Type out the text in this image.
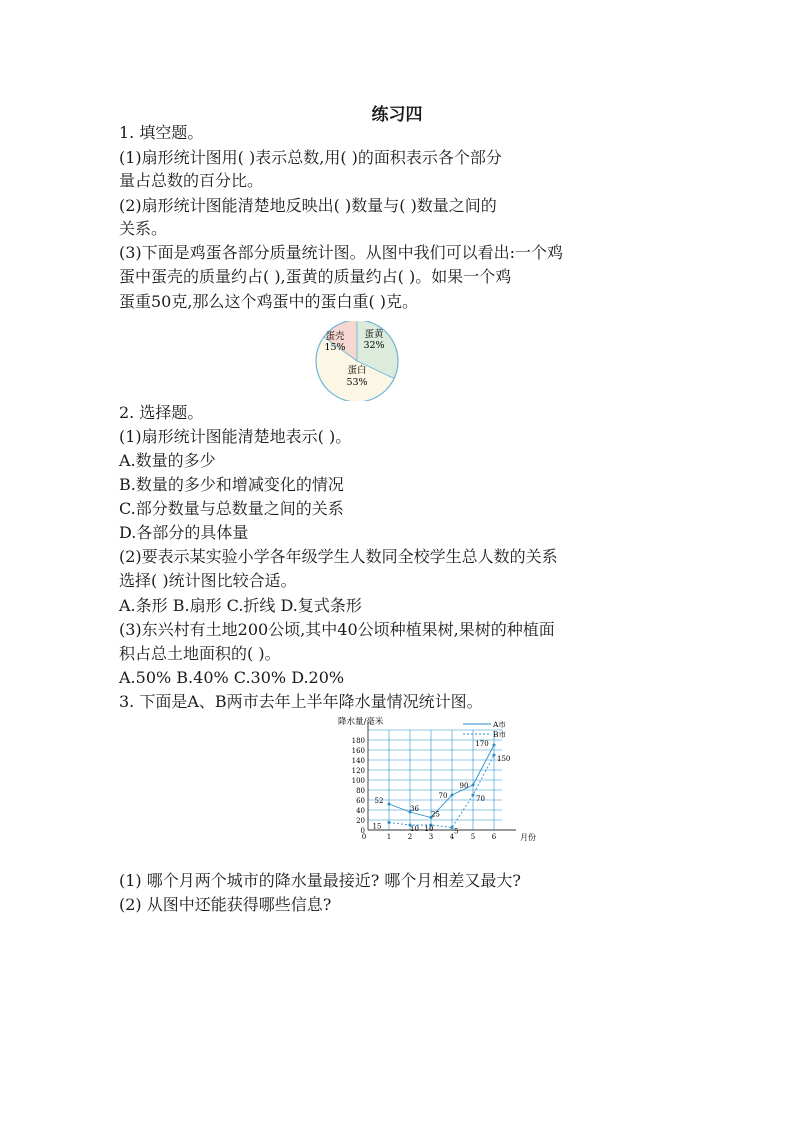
练习四
1. 填空题。
(1)扇形统计图用( )表示总数,用( )的面积表示各个部分
量占总数的百分比。
(2)扇形统计图能清楚地反映出( )数量与( )数量之间的
关系。
(3)下面是鸡蛋各部分质量统计图。从图中我们可以看出:一个鸡
蛋中蛋壳的质量约占( ),蛋黄的质量约占( )。如果一个鸡
蛋重50克,那么这个鸡蛋中的蛋白重( )克。
蛋壳
15%
蛋黄
32%
蛋白
53%
2. 选择题。
(1)扇形统计图能清楚地表示( )。
A.数量的多少
B.数量的多少和增减变化的情况
C.部分数量与总数量之间的关系
D.各部分的具体量
(2)要表示某实验小学各年级学生人数同全校学生总人数的关系
选择( )统计图比较合适。
A.条形 B.扇形 C.折线 D.复式条形
(3)东兴村有土地200公顷,其中40公顷种植果树,果树的种植面
积占总土地面积的( )。
A.50% B.40% C.30% D.20%
3. 下面是A、B两市去年上半年降水量情况统计图。
降水量/毫米
月份
A市
B市
0
20
40
60
80
100
120
140
160
180
0	1 2 3 4 5 6
52
36
25
70
90
170
15	10 10	5
70
150
(1) 哪个月两个城市的降水量最接近? 哪个月相差又最大?
(2) 从图中还能获得哪些信息?
